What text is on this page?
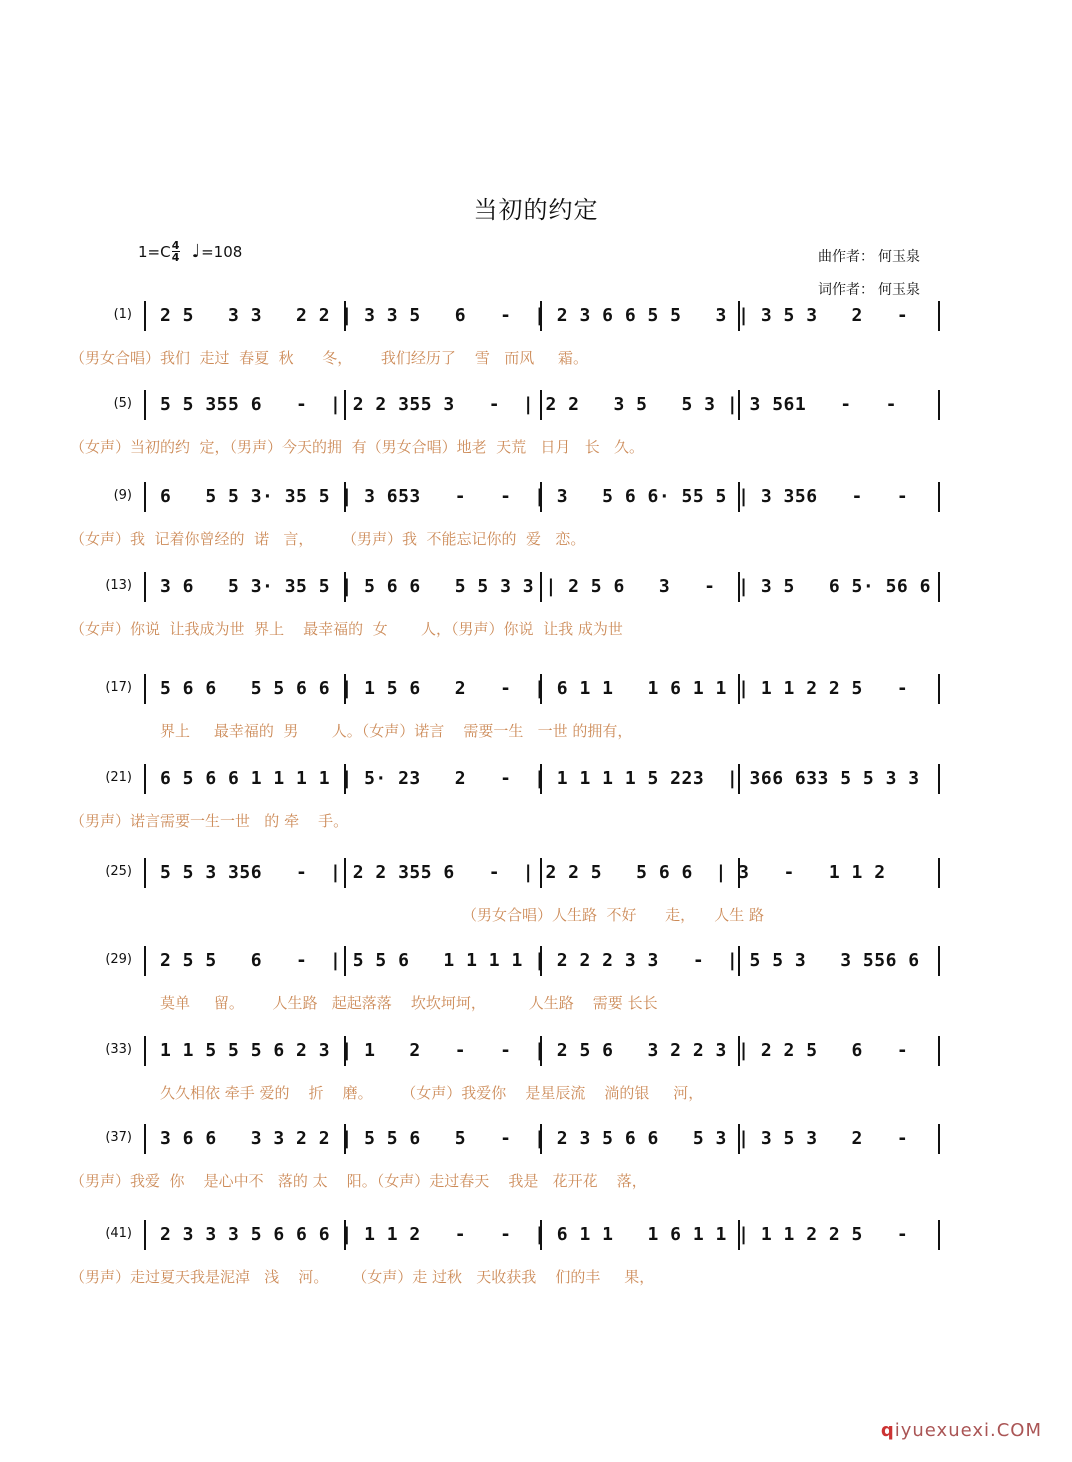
当初的约定
$1=C \frac{4}{4}$ ♩ =108	曲作者： 何玉泉
词作者： 何玉泉
(1) 2 5   3 3   2 2 | 3 3 5   6   -  | 2 3 6 6 5 5   3 | 3 5 3   2   -
（男女合唱）我们  走过  春夏  秋      冬，      我们经历了    雪   而风     霜。
(5) 5 5 355 6   -  | 2 2 355 3   -  | 2 2   3 5   5 3 | 3 561   -   -
（女声）当初的约  定，（男声）今天的拥  有（男女合唱）地老  天荒   日月   长   久。
(9) 6   5 5 3· 35 5 | 3 653   -   -  | 3   5 6 6· 55 5 | 3 356   -   -
（女声）我  记着你曾经的  诺   言，      （男声）我  不能忘记你的  爱   恋。
(13) 3 6   5 3· 35 5 | 5 6 6   5 5 3 3 | 2 5 6   3   -  | 3 5   6 5· 56 6
（女声）你说  让我成为世  界上    最幸福的  女       人，（男声）你说  让我 成为世
(17) 5 6 6   5 5 6 6 | 1 5 6   2   -  | 6 1 1   1 6 1 1 | 1 1 2 2 5   -
界上     最幸福的  男       人。（女声）诺言    需要一生   一世 的拥有，
(21) 6 5 6 6 1 1 1 1 | 5· 23   2   -  | 1 1 1 1 5 223  | 366 633 5 5 3 3
（男声）诺言需要一生一世   的 牵    手。
(25) 5 5 3 356   -  | 2 2 355 6   -  | 2 2 5   5 6 6  | 3   -   1 1 2
（男女合唱）人生路  不好      走，    人生 路
(29) 2 5 5   6   -  | 5 5 6   1 1 1 1 | 2 2 2 3 3   -  | 5 5 3   3 556 6
莫单     留。      人生路   起起落落    坎坎坷坷，         人生路    需要 长长
(33) 1 1 5 5 5 6 2 3 | 1   2   -   -  | 2 5 6   3 2 2 3 | 2 2 5   6   -
久久相依 牵手 爱的    折    磨。      （女声）我爱你    是星辰流    淌的银     河，
(37) 3 6 6   3 3 2 2 | 5 5 6   5   -  | 2 3 5 6 6   5 3 | 3 5 3   2   -
（男声）我爱  你    是心中不   落的 太    阳。（女声）走过春天    我是   花开花    落，
(41) 2 3 3 3 5 6 6 6 | 1 1 2   -   -  | 6 1 1   1 6 1 1 | 1 1 2 2 5   -
（男声）走过夏天我是泥淖   浅    河。     （女声）走 过秋   天收获我    们的丰     果，
qiyuexuexi.COM
